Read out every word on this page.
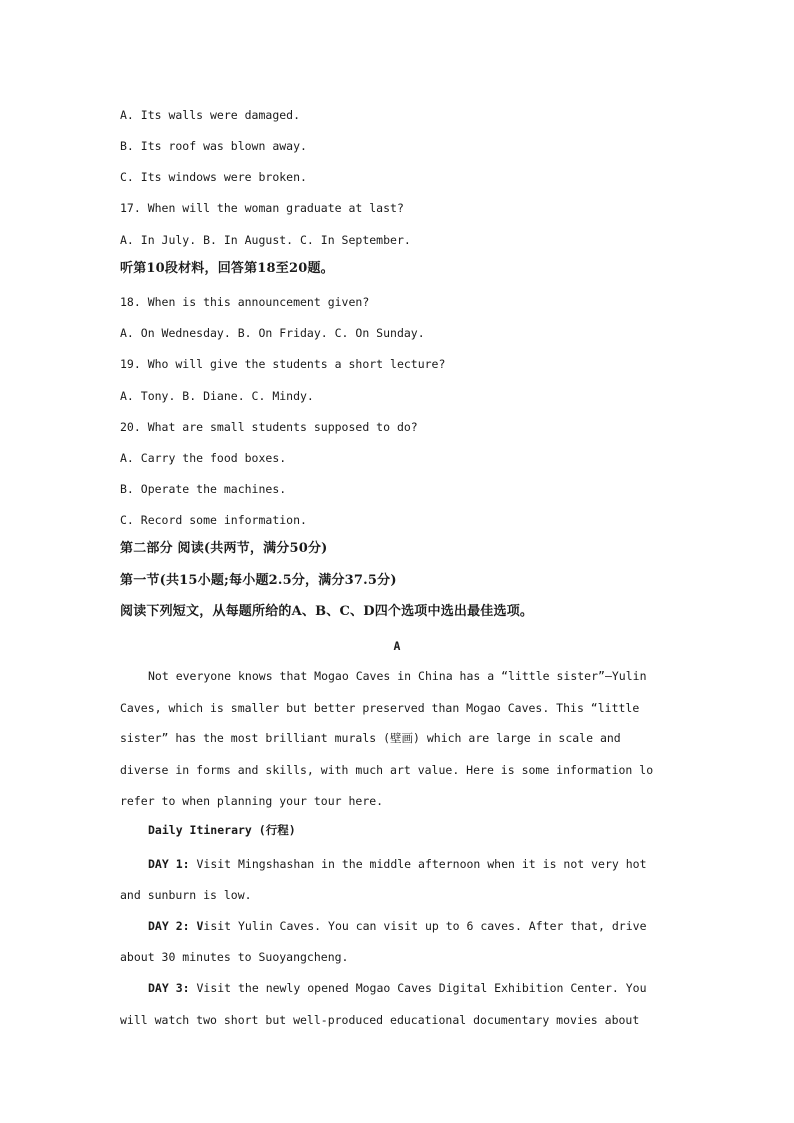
A. Its walls were damaged.
B. Its roof was blown away.
C. Its windows were broken.
17. When will the woman graduate at last?
A. In July. B. In August. C. In September.
听第10段材料，回答第18至20题。
18. When is this announcement given?
A. On Wednesday. B. On Friday. C. On Sunday.
19. Who will give the students a short lecture?
A. Tony. B. Diane. C. Mindy.
20. What are small students supposed to do?
A. Carry the food boxes.
B. Operate the machines.
C. Record some information.
第二部分 阅读(共两节，满分50分)
第一节(共15小题;每小题2.5分，满分37.5分)
阅读下列短文，从每题所给的A、B、C、D四个选项中选出最佳选项。
A
Not everyone knows that Mogao Caves in China has a “little sister”—Yulin
Caves, which is smaller but better preserved than Mogao Caves. This “little
sister” has the most brilliant murals (壁画) which are large in scale and
diverse in forms and skills, with much art value. Here is some information lo
refer to when planning your tour here.
Daily Itinerary (行程)
DAY 1: Visit Mingshashan in the middle afternoon when it is not very hot
and sunburn is low.
DAY 2: Visit Yulin Caves. You can visit up to 6 caves. After that, drive
about 30 minutes to Suoyangcheng.
DAY 3: Visit the newly opened Mogao Caves Digital Exhibition Center. You
will watch two short but well-produced educational documentary movies about
